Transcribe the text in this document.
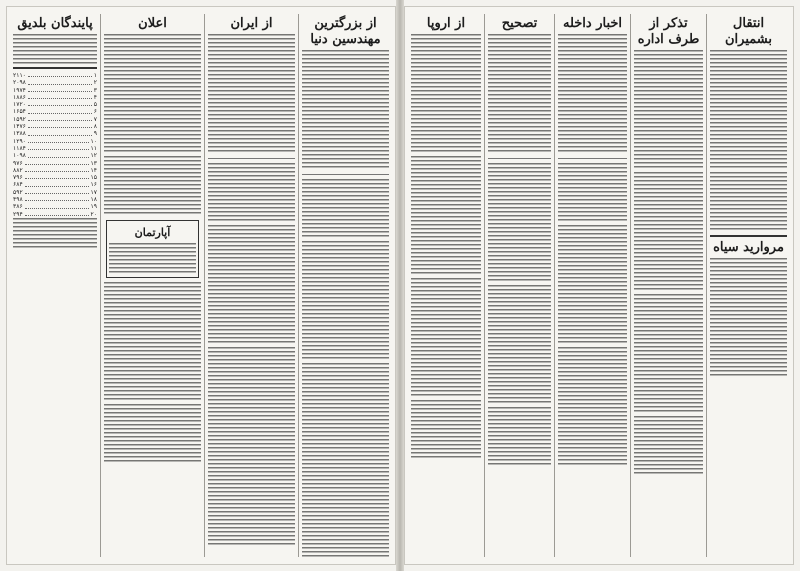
از بزرگترین مهندسین دنیا
از ایران
اعلان
آپارتمان
پایندگان بلدیق
۲۱۱۰	۱
۲۰۹۸	۲
۱۹۷۴	۳
۱۸۸۶	۴
۱۷۲۰	۵
۱۶۵۴	۶
۱۵۹۲	۷
۱۴۷۶	۸
۱۳۸۸	۹
۱۲۹۰	۱۰
۱۱۸۴	۱۱
۱۰۹۸	۱۲
۹۷۶	۱۳
۸۸۲	۱۴
۷۹۶	۱۵
۶۸۴	۱۶
۵۹۲	۱۷
۴۹۸	۱۸
۳۸۶	۱۹
۲۹۴	۲۰
انتقال بشمیران
مروارید سیاه
تذکر از طرف اداره
اخبار داخله
تصحیح
از اروپا
